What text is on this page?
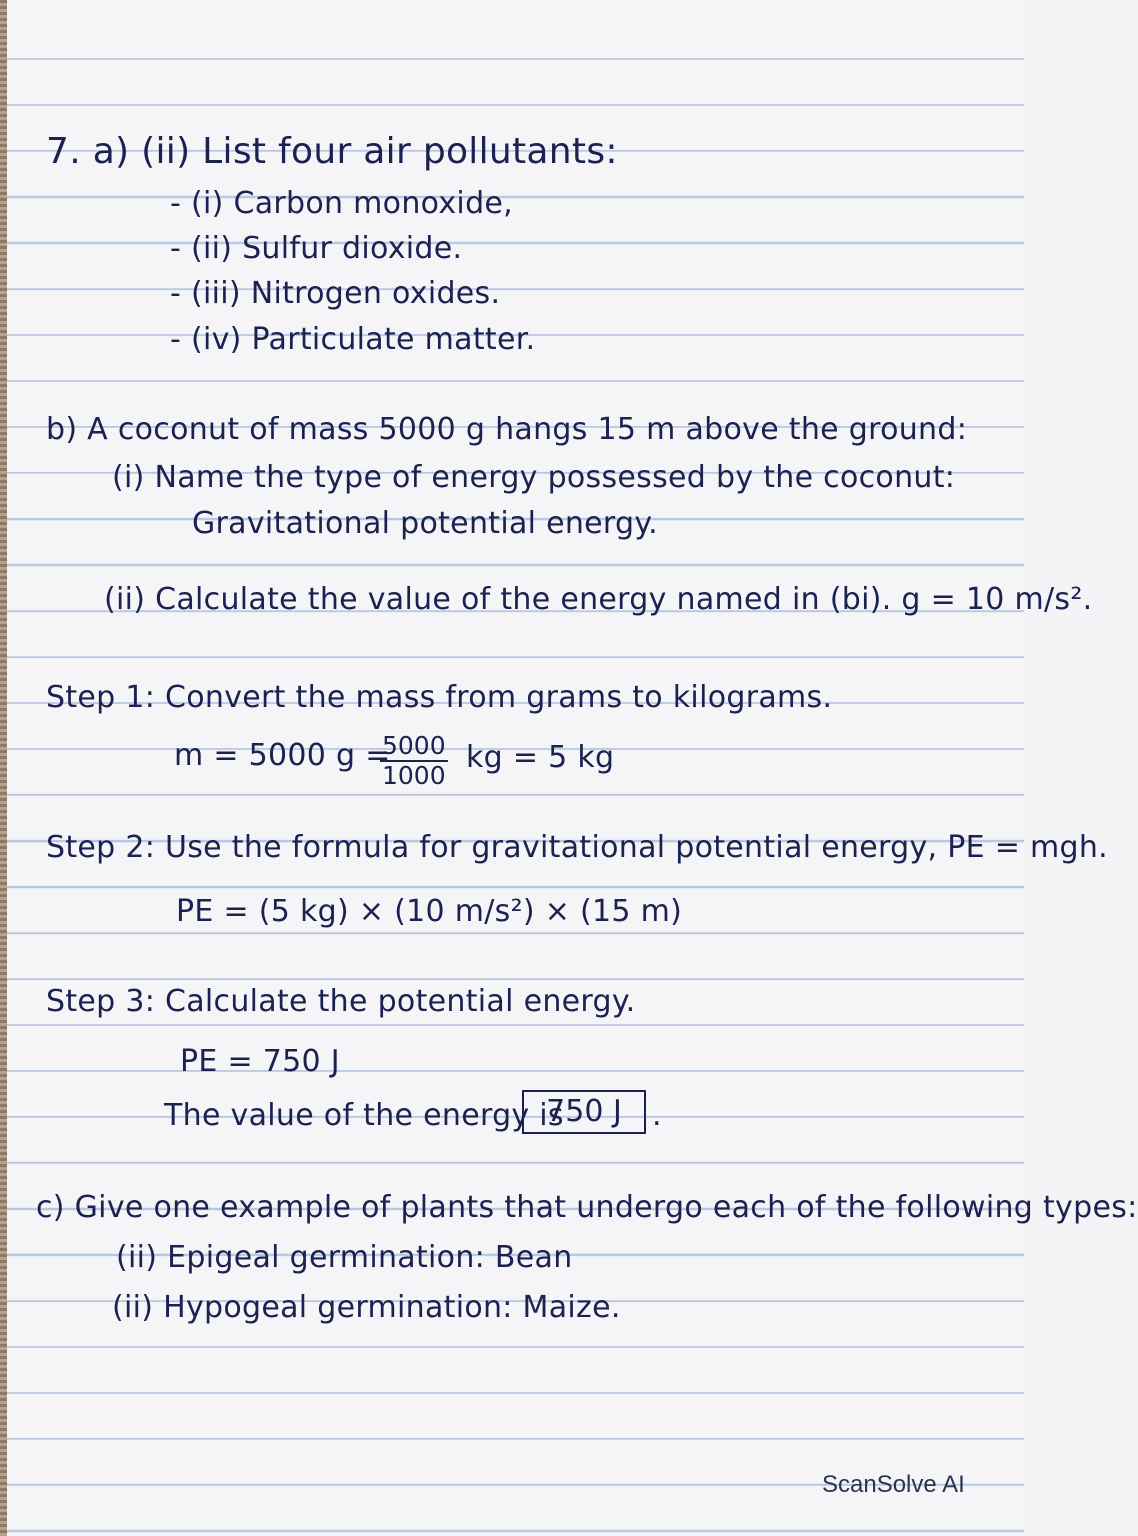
7. a) (ii) List four air pollutants:
- (i) Carbon monoxide,
- (ii) Sulfur dioxide.
- (iii) Nitrogen oxides.
- (iv) Particulate matter.
b) A coconut of mass 5000 g hangs 15 m above the ground:
(i) Name the type of energy possessed by the coconut:
Gravitational potential energy.
(ii) Calculate the value of the energy named in (bi). g = 10 m/s².
Step 1: Convert the mass from grams to kilograms.
m = 5000 g =
$\frac{5000}{1000}$ kg = 5 kg
Step 2: Use the formula for gravitational potential energy, PE = mgh.
PE = (5 kg) × (10 m/s²) × (15 m)
Step 3: Calculate the potential energy.
PE = 750 J
The value of the energy is
750 J	.
c) Give one example of plants that undergo each of the following types:
(ii) Epigeal germination: Bean
(ii) Hypogeal germination: Maize.
ScanSolve AI
